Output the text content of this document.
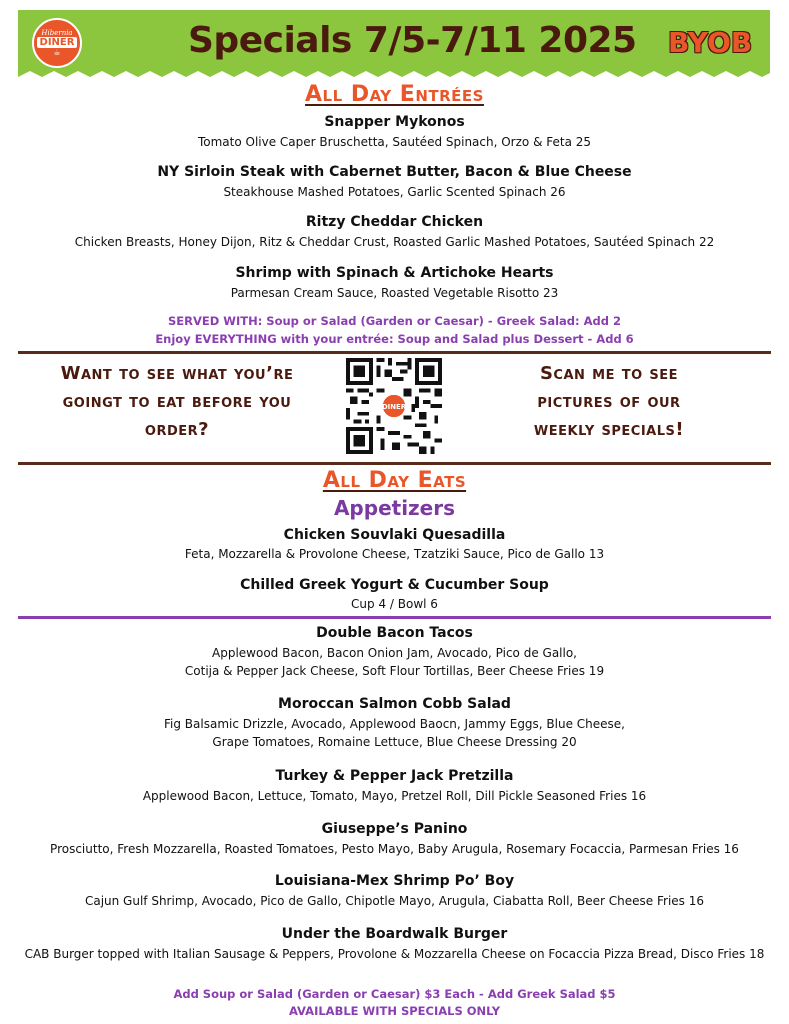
Hibernia
DINER
☕	Specials 7/5-7/11 2025 BYOB
All Day Entrées
Snapper Mykonos
Tomato Olive Caper Bruschetta, Sautéed Spinach, Orzo & Feta 25
NY Sirloin Steak with Cabernet Butter, Bacon & Blue Cheese
Steakhouse Mashed Potatoes, Garlic Scented Spinach 26
Ritzy Cheddar Chicken
Chicken Breasts, Honey Dijon, Ritz & Cheddar Crust, Roasted Garlic Mashed Potatoes, Sautéed Spinach 22
Shrimp with Spinach & Artichoke Hearts
Parmesan Cream Sauce, Roasted Vegetable Risotto 23
SERVED WITH: Soup or Salad (Garden or Caesar) - Greek Salad: Add 2
Enjoy EVERYTHING with your entrée: Soup and Salad plus Dessert - Add 6
Want to see what you’re
goingt to eat before you
order?
DINER
Scan me to see
pictures of our
weekly specials!
All Day Eats
Appetizers
Chicken Souvlaki Quesadilla
Feta, Mozzarella & Provolone Cheese, Tzatziki Sauce, Pico de Gallo 13
Chilled Greek Yogurt & Cucumber Soup
Cup 4 / Bowl 6
Double Bacon Tacos
Applewood Bacon, Bacon Onion Jam, Avocado, Pico de Gallo,
Cotija & Pepper Jack Cheese, Soft Flour Tortillas, Beer Cheese Fries 19
Moroccan Salmon Cobb Salad
Fig Balsamic Drizzle, Avocado, Applewood Baocn, Jammy Eggs, Blue Cheese,
Grape Tomatoes, Romaine Lettuce, Blue Cheese Dressing 20
Turkey & Pepper Jack Pretzilla
Applewood Bacon, Lettuce, Tomato, Mayo, Pretzel Roll, Dill Pickle Seasoned Fries 16
Giuseppe’s Panino
Prosciutto, Fresh Mozzarella, Roasted Tomatoes, Pesto Mayo, Baby Arugula, Rosemary Focaccia, Parmesan Fries 16
Louisiana-Mex Shrimp Po’ Boy
Cajun Gulf Shrimp, Avocado, Pico de Gallo, Chipotle Mayo, Arugula, Ciabatta Roll, Beer Cheese Fries 16
Under the Boardwalk Burger
CAB Burger topped with Italian Sausage & Peppers, Provolone & Mozzarella Cheese on Focaccia Pizza Bread, Disco Fries 18
Add Soup or Salad (Garden or Caesar) $3 Each - Add Greek Salad $5
AVAILABLE WITH SPECIALS ONLY
